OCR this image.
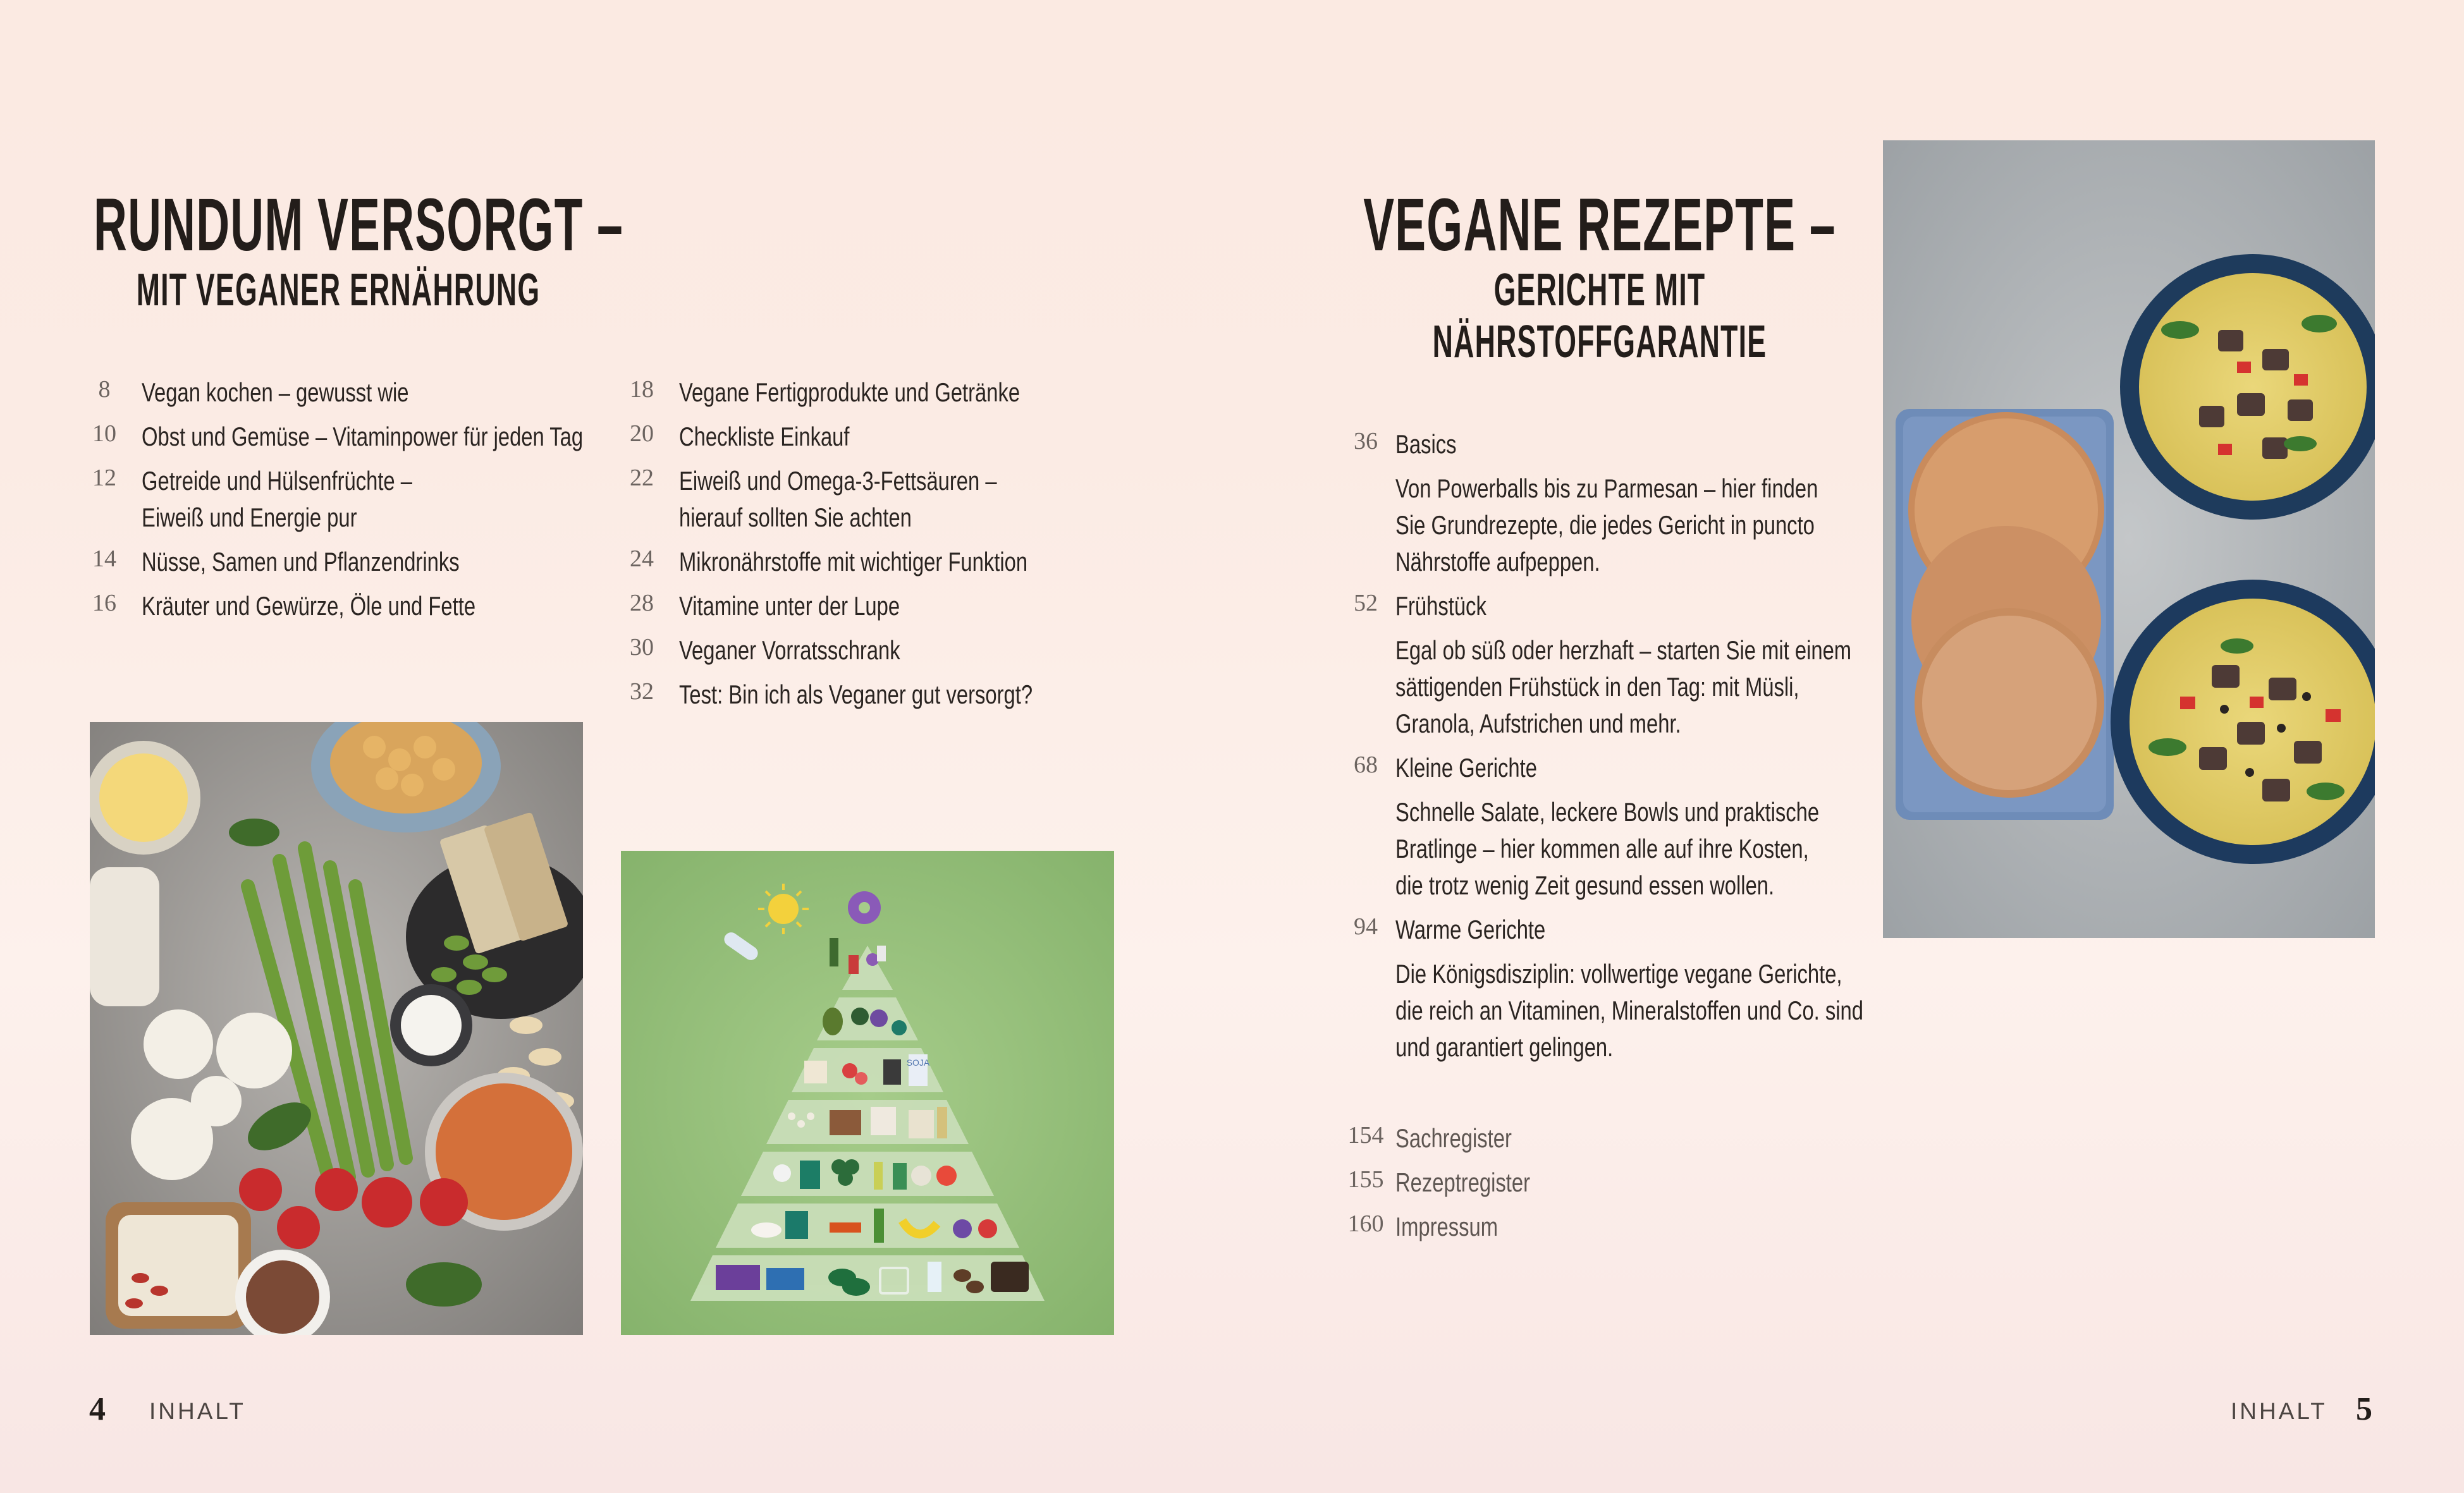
RUNDUM VERSORGT –
MIT VEGANER ERNÄHRUNG
8	Vegan kochen – gewusst wie
10 Obst und Gemüse – Vitaminpower für jeden Tag
12 Getreide und Hülsenfrüchte –
Eiweiß und Energie pur
14 Nüsse, Samen und Pflanzendrinks
16 Kräuter und Gewürze, Öle und Fette
18 Vegane Fertigprodukte und Getränke
20 Checkliste Einkauf
22 Eiweiß und Omega-3-Fettsäuren –
hierauf sollten Sie achten
24 Mikronährstoffe mit wichtiger Funktion
28 Vitamine unter der Lupe
30 Veganer Vorratsschrank
32 Test: Bin ich als Veganer gut versorgt?
SOJA
4 INHALT
VEGANE REZEPTE –
GERICHTE MIT
NÄHRSTOFFGARANTIE
36 Basics
Von Powerballs bis zu Parmesan – hier finden
Sie Grundrezepte, die jedes Gericht in puncto
Nährstoffe aufpeppen.
52 Frühstück
Egal ob süß oder herzhaft – starten Sie mit einem
sättigenden Frühstück in den Tag: mit Müsli,
Granola, Aufstrichen und mehr.
68 Kleine Gerichte
Schnelle Salate, leckere Bowls und praktische
Bratlinge – hier kommen alle auf ihre Kosten,
die trotz wenig Zeit gesund essen wollen.
94 Warme Gerichte
Die Königsdisziplin: vollwertige vegane Gerichte,
die reich an Vitaminen, Mineralstoffen und Co. sind
und garantiert gelingen.
154 Sachregister
155 Rezeptregister
160 Impressum
INHALT 5
